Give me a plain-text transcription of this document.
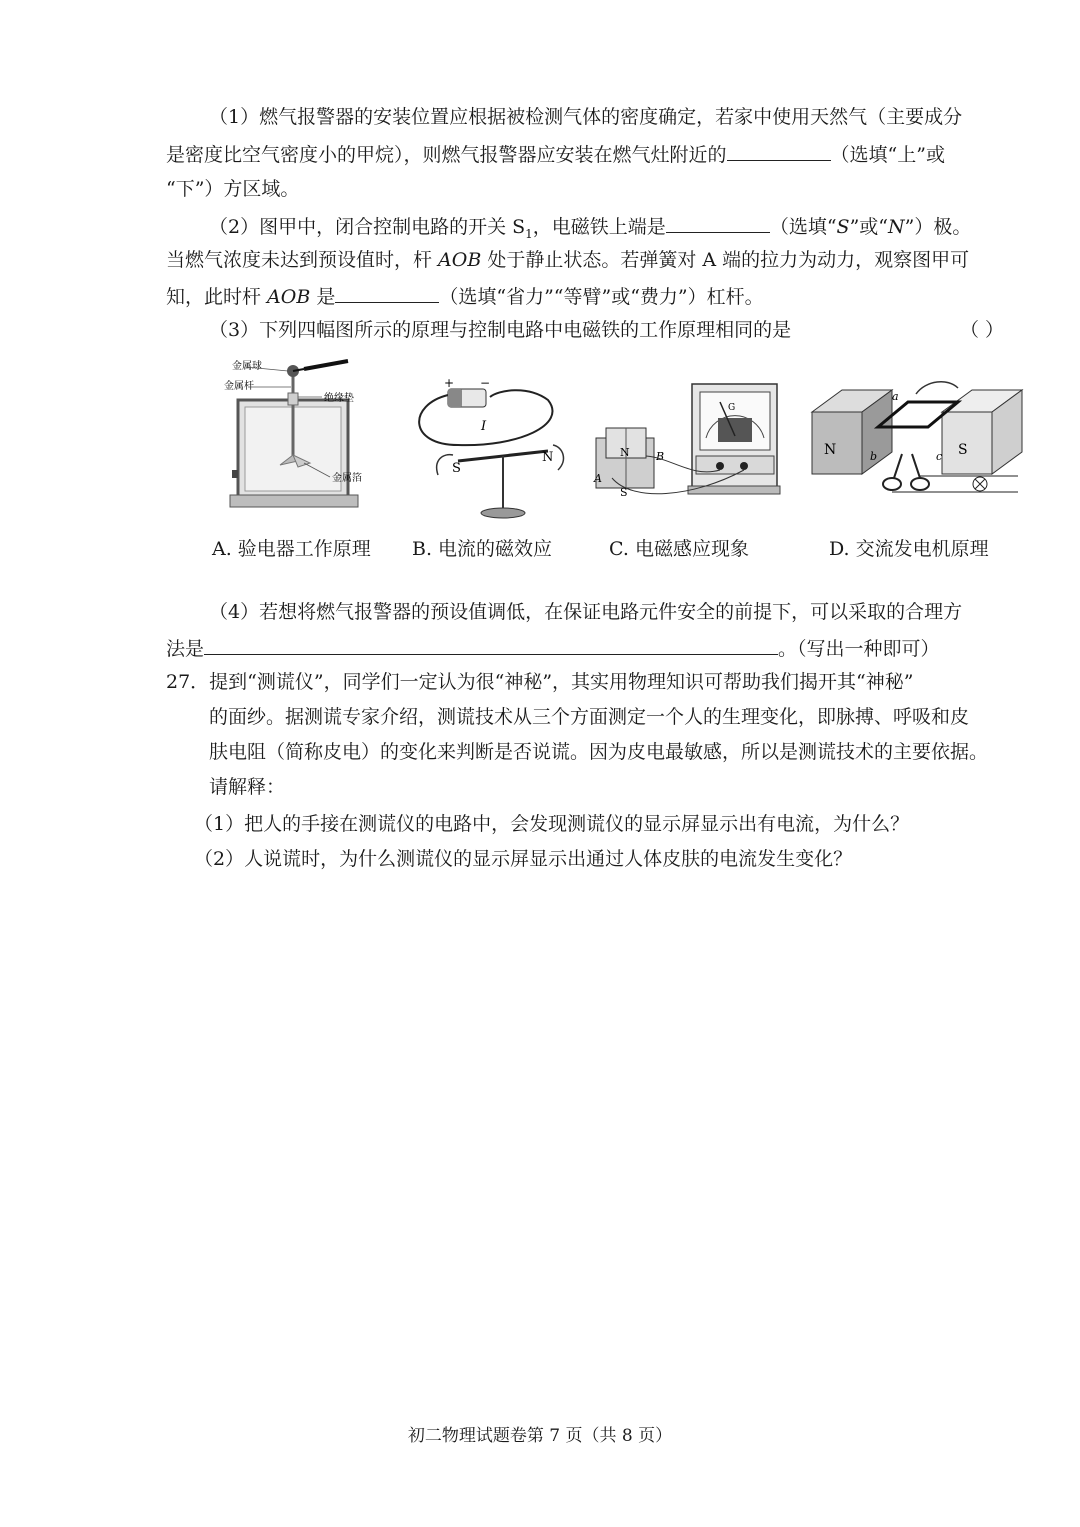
（1）燃气报警器的安装位置应根据被检测气体的密度确定，若家中使用天然气（主要成分
是密度比空气密度小的甲烷），则燃气报警器应安装在燃气灶附近的	（选填“上”或
“下”）方区域。
（2）图甲中，闭合控制电路的开关 $S_1$，电磁铁上端是	（选填“S”或“N”）极。
当燃气浓度未达到预设值时，杆 AOB 处于静止状态。若弹簧对 A 端的拉力为动力，观察图甲可
知，此时杆 AOB 是	（选填“省力”“等臂”或“费力”）杠杆。
（3）下列四幅图所示的原理与控制电路中电磁铁的工作原理相同的是	（ ）
金属球
金属杆
绝缘垫
金属箔
+ −
I
S
N
G
N
S
A
B	N	S
a
b	c
A. 验电器工作原理 B. 电流的磁效应	C. 电磁感应现象	D. 交流发电机原理
（4）若想将燃气报警器的预设值调低，在保证电路元件安全的前提下，可以采取的合理方
法是	。（写出一种即可）
27．提到“测谎仪”，同学们一定认为很“神秘”，其实用物理知识可帮助我们揭开其“神秘”
的面纱。据测谎专家介绍，测谎技术从三个方面测定一个人的生理变化，即脉搏、呼吸和皮
肤电阻（简称皮电）的变化来判断是否说谎。因为皮电最敏感，所以是测谎技术的主要依据。
请解释：
（1）把人的手接在测谎仪的电路中，会发现测谎仪的显示屏显示出有电流，为什么？
（2）人说谎时，为什么测谎仪的显示屏显示出通过人体皮肤的电流发生变化？
初二物理试题卷第 7 页（共 8 页）
